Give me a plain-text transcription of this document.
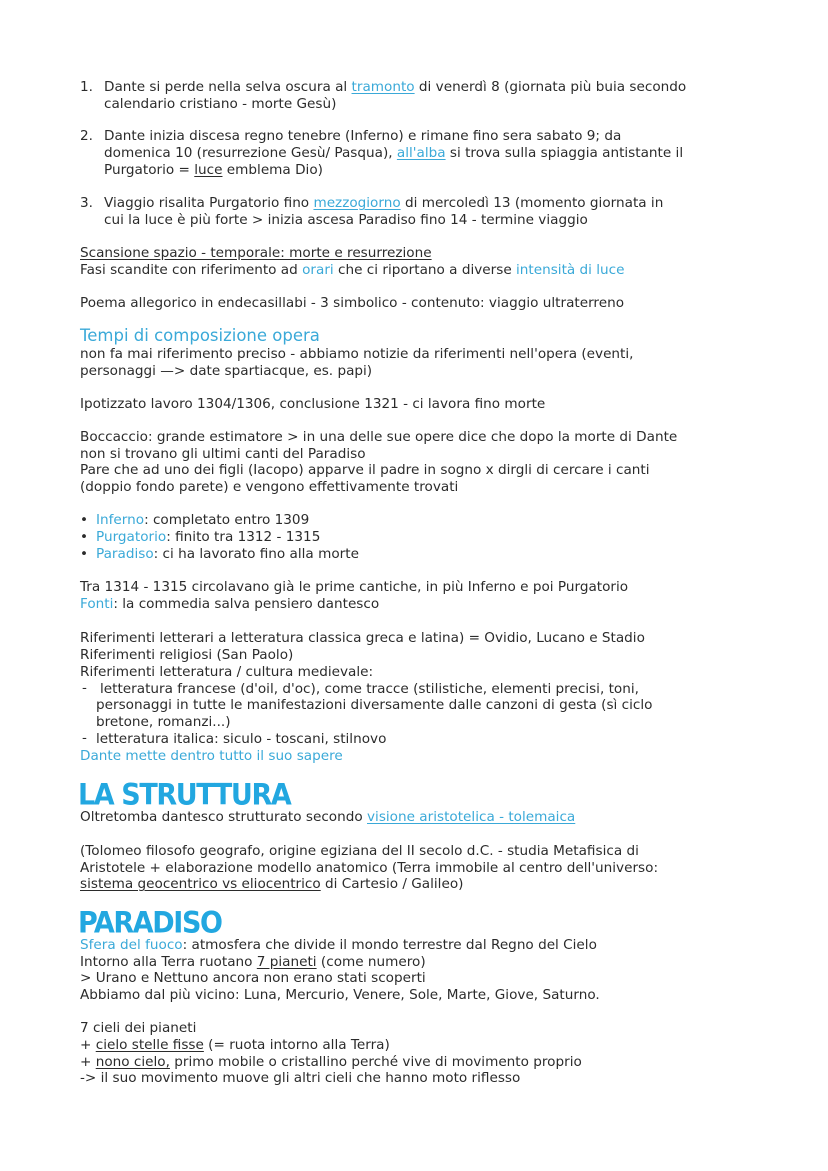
1. Dante si perde nella selva oscura al tramonto di venerdì 8 (giornata più buia secondo
calendario cristiano - morte Gesù)
2. Dante inizia discesa regno tenebre (Inferno) e rimane fino sera sabato 9; da
domenica 10 (resurrezione Gesù/ Pasqua), all'alba si trova sulla spiaggia antistante il
Purgatorio = luce emblema Dio)
3. Viaggio risalita Purgatorio fino mezzogiorno di mercoledì 13 (momento giornata in
cui la luce è più forte > inizia ascesa Paradiso fino 14 - termine viaggio
Scansione spazio - temporale: morte e resurrezione
Fasi scandite con riferimento ad orari che ci riportano a diverse intensità di luce
Poema allegorico in endecasillabi - 3 simbolico - contenuto: viaggio ultraterreno
Tempi di composizione opera
non fa mai riferimento preciso - abbiamo notizie da riferimenti nell'opera (eventi,
personaggi —> date spartiacque, es. papi)
Ipotizzato lavoro 1304/1306, conclusione 1321 - ci lavora fino morte
Boccaccio: grande estimatore > in una delle sue opere dice che dopo la morte di Dante
non si trovano gli ultimi canti del Paradiso
Pare che ad uno dei figli (Iacopo) apparve il padre in sogno x dirgli di cercare i canti
(doppio fondo parete) e vengono effettivamente trovati
• Inferno: completato entro 1309
• Purgatorio: finito tra 1312 - 1315
• Paradiso: ci ha lavorato fino alla morte
Tra 1314 - 1315 circolavano già le prime cantiche, in più Inferno e poi Purgatorio
Fonti: la commedia salva pensiero dantesco
Riferimenti letterari a letteratura classica greca e latina) = Ovidio, Lucano e Stadio
Riferimenti religiosi (San Paolo)
Riferimenti letteratura / cultura medievale:
- letteratura francese (d'oil, d'oc), come tracce (stilistiche, elementi precisi, toni,
personaggi in tutte le manifestazioni diversamente dalle canzoni di gesta (sì ciclo
bretone, romanzi...)
- letteratura italica: siculo - toscani, stilnovo
Dante mette dentro tutto il suo sapere
LA STRUTTURA
Oltretomba dantesco strutturato secondo visione aristotelica - tolemaica
(Tolomeo filosofo geografo, origine egiziana del II secolo d.C. - studia Metafisica di
Aristotele + elaborazione modello anatomico (Terra immobile al centro dell'universo:
sistema geocentrico vs eliocentrico di Cartesio / Galileo)
PARADISO
Sfera del fuoco: atmosfera che divide il mondo terrestre dal Regno del Cielo
Intorno alla Terra ruotano 7 pianeti (come numero)
> Urano e Nettuno ancora non erano stati scoperti
Abbiamo dal più vicino: Luna, Mercurio, Venere, Sole, Marte, Giove, Saturno.
7 cieli dei pianeti
+ cielo stelle fisse (= ruota intorno alla Terra)
+ nono cielo, primo mobile o cristallino perché vive di movimento proprio
-> il suo movimento muove gli altri cieli che hanno moto riflesso
